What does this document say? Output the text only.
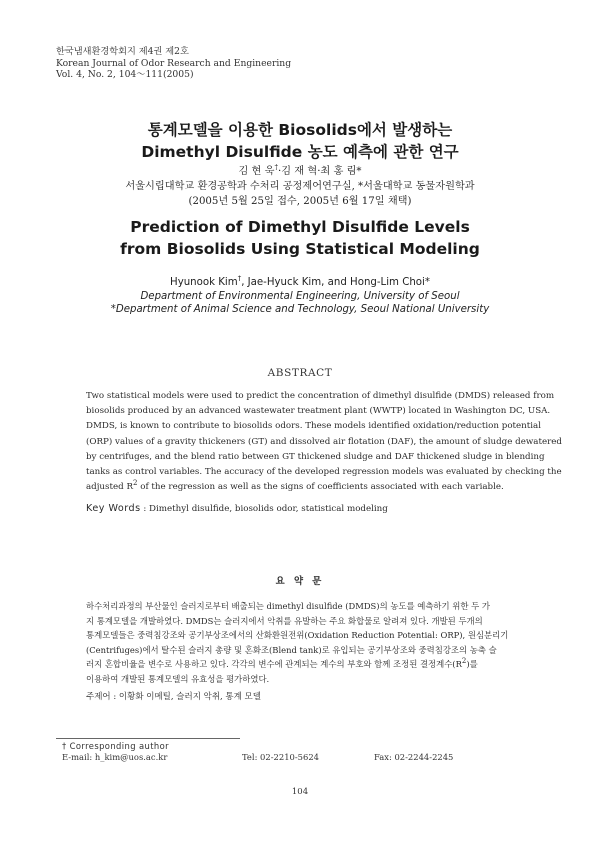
한국냄새환경학회지 제4권 제2호
Korean Journal of Odor Research and Engineering
Vol. 4, No. 2, 104～111(2005)
통계모델을 이용한 Biosolids에서 발생하는
Dimethyl Disulfide 농도 예측에 관한 연구
김 현 욱†·김 재 혁·최 홍 림*
서울시립대학교 환경공학과 수처리 공정제어연구실, *서울대학교 동물자원학과
(2005년 5월 25일 접수, 2005년 6월 17일 채택)
Prediction of Dimethyl Disulfide Levels
from Biosolids Using Statistical Modeling
Hyunook Kim†, Jae-Hyuck Kim, and Hong-Lim Choi*
Department of Environmental Engineering, University of Seoul
*Department of Animal Science and Technology, Seoul National University
ABSTRACT
Two statistical models were used to predict the concentration of dimethyl disulfide (DMDS) released from
biosolids produced by an advanced wastewater treatment plant (WWTP) located in Washington DC, USA.
DMDS, is known to contribute to biosolids odors. These models identified oxidation/reduction potential
(ORP) values of a gravity thickeners (GT) and dissolved air flotation (DAF), the amount of sludge dewatered
by centrifuges, and the blend ratio between GT thickened sludge and DAF thickened sludge in blending
tanks as control variables. The accuracy of the developed regression models was evaluated by checking the
adjusted $R^2$ of the regression as well as the signs of coefficients associated with each variable.
Key Words : Dimethyl disulfide, biosolids odor, statistical modeling
요 약 문
하수처리과정의 부산물인 슬러지로부터 배출되는 dimethyl disulfide (DMDS)의 농도를 예측하기 위한 두 가
지 통계모델을 개발하였다. DMDS는 슬러지에서 악취를 유발하는 주요 화합물로 알려져 있다. 개발된 두개의
통계모델들은 중력침강조와 공기부상조에서의 산화환원전위(Oxidation Reduction Potential: ORP), 원심분리기
(Centrifuges)에서 탈수된 슬러지 총량 및 혼화조(Blend tank)로 유입되는 공기부상조와 중력침강조의 농축 슬
러지 혼합비율을 변수로 사용하고 있다. 각각의 변수에 관계되는 계수의 부호와 함께 조정된 결정계수$(R^2)$를
이용하여 개발된 통계모델의 유효성을 평가하였다.
주제어 : 이황화 이메틸, 슬러지 악취, 통계 모델
† Corresponding author
E-mail: h_kim@uos.ac.kr	Tel: 02-2210-5624	Fax: 02-2244-2245
104
